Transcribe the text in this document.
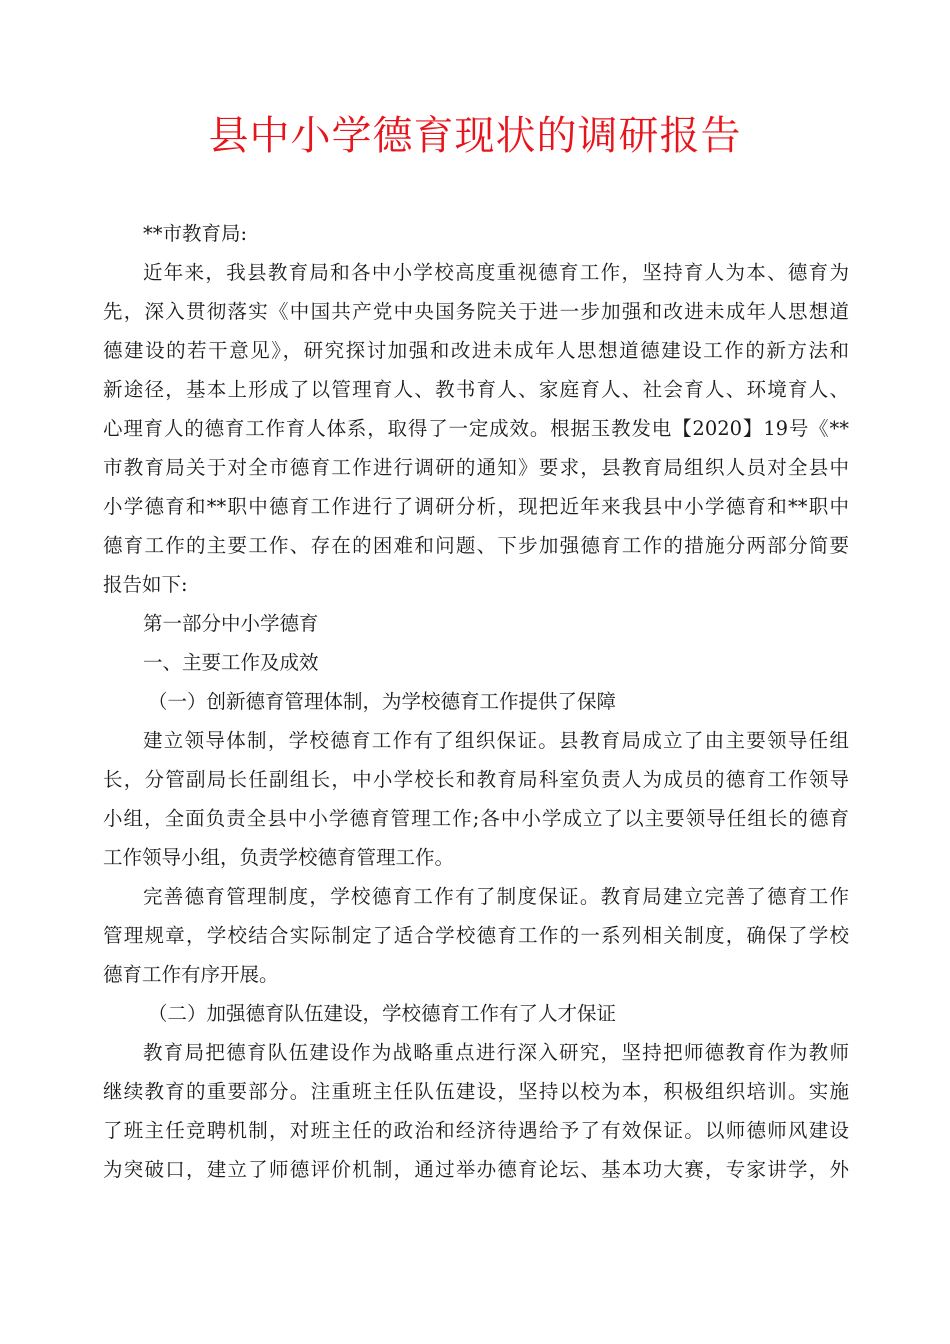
县中小学德育现状的调研报告
**市教育局:
近年来，我县教育局和各中小学校高度重视德育工作，坚持育人为本、德育为
先，深入贯彻落实《中国共产党中央国务院关于进一步加强和改进未成年人思想道
德建设的若干意见》，研究探讨加强和改进未成年人思想道德建设工作的新方法和
新途径，基本上形成了以管理育人、教书育人、家庭育人、社会育人、环境育人、
心理育人的德育工作育人体系，取得了一定成效。根据玉教发电【2020】19号《**
市教育局关于对全市德育工作进行调研的通知》要求，县教育局组织人员对全县中
小学德育和**职中德育工作进行了调研分析，现把近年来我县中小学德育和**职中
德育工作的主要工作、存在的困难和问题、下步加强德育工作的措施分两部分简要
报告如下:
第一部分中小学德育
一、主要工作及成效
（一）创新德育管理体制，为学校德育工作提供了保障
建立领导体制，学校德育工作有了组织保证。县教育局成立了由主要领导任组
长，分管副局长任副组长，中小学校长和教育局科室负责人为成员的德育工作领导
小组，全面负责全县中小学德育管理工作;各中小学成立了以主要领导任组长的德育
工作领导小组，负责学校德育管理工作。
完善德育管理制度，学校德育工作有了制度保证。教育局建立完善了德育工作
管理规章，学校结合实际制定了适合学校德育工作的一系列相关制度，确保了学校
德育工作有序开展。
（二）加强德育队伍建设，学校德育工作有了人才保证
教育局把德育队伍建设作为战略重点进行深入研究，坚持把师德教育作为教师
继续教育的重要部分。注重班主任队伍建设，坚持以校为本，积极组织培训。实施
了班主任竞聘机制，对班主任的政治和经济待遇给予了有效保证。以师德师风建设
为突破口，建立了师德评价机制，通过举办德育论坛、基本功大赛，专家讲学，外
